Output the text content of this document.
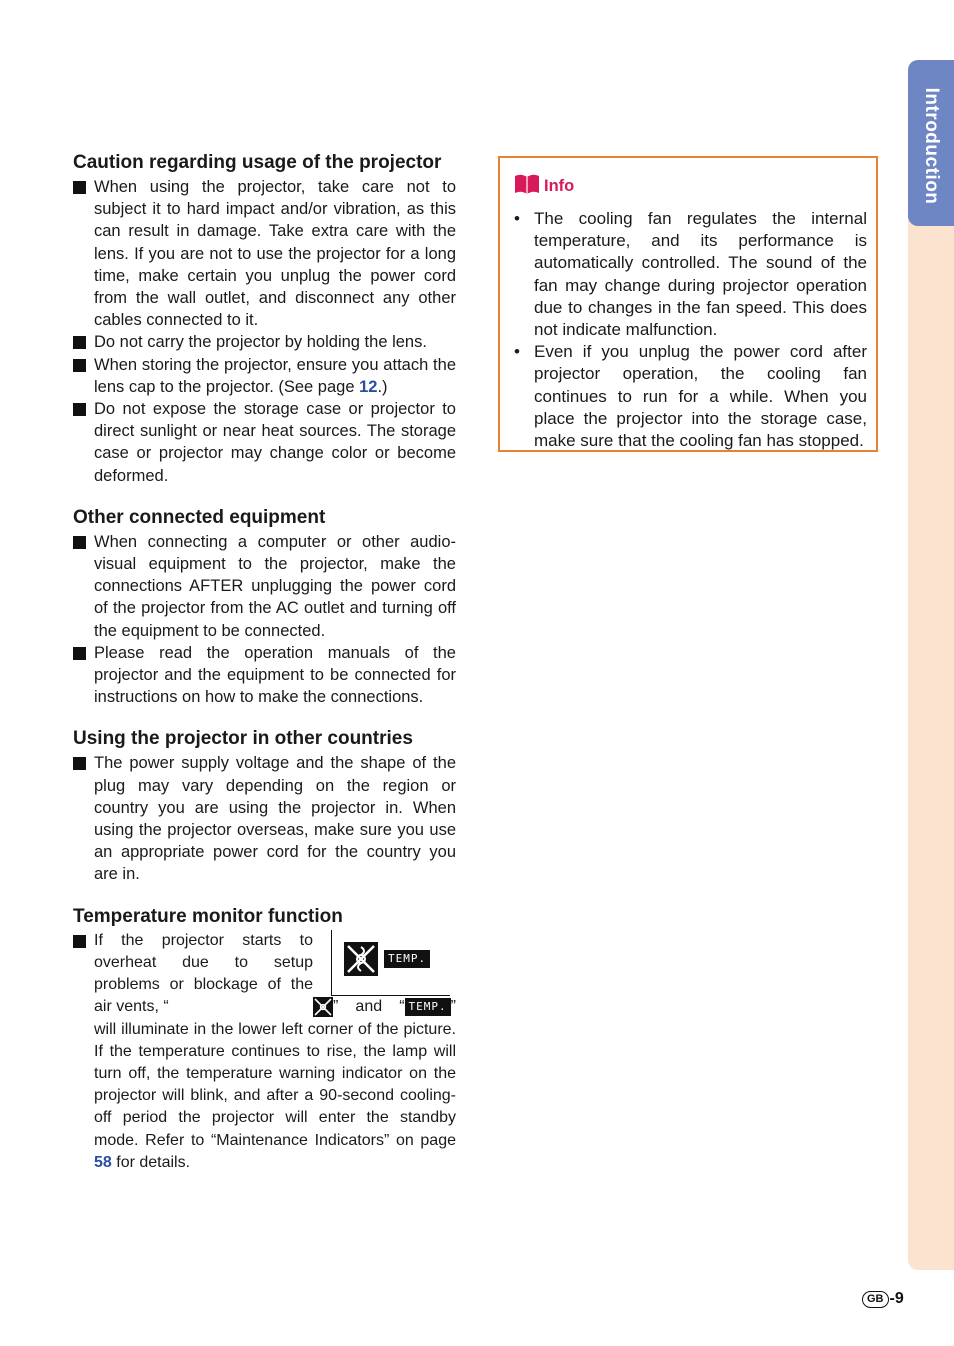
Introduction
Caution regarding usage of the projector
When using the projector, take care not to subject it to hard impact and/or vibration, as this can result in damage. Take extra care with the lens. If you are not to use the projector for a long time, make certain you unplug the power cord from the wall outlet, and disconnect any other cables connected to it.
Do not carry the projector by holding the lens.
When storing the projector, ensure you attach the lens cap to the projector. (See page 12.)
Do not expose the storage case or projector to direct sunlight or near heat sources. The storage case or projector may change color or become deformed.
Other connected equipment
When connecting a computer or other audio-visual equipment to the projector, make the connections AFTER unplugging the power cord of the projector from the AC outlet and turning off the equipment to be connected.
Please read the operation manuals of the projector and the equipment to be connected for instructions on how to make the connections.
Using the projector in other countries
The power supply voltage and the shape of the plug may vary depending on the region or country you are using the projector in. When using the projector overseas, make sure you use an appropriate power cord for the country you are in.
Temperature monitor function
TEMP.
If the projector starts to overheat due to setup problems or blockage of the air vents, “	” and “ TEMP. ” will illuminate in the lower left corner of the picture. If the temperature continues to rise, the lamp will turn off, the temperature warning indicator on the projector will blink, and after a 90-second cooling-off period the projector will enter the standby mode. Refer to “Maintenance Indicators” on page 58 for details.
Info
• The cooling fan regulates the internal temperature, and its performance is automatically controlled. The sound of the fan may change during projector operation due to changes in the fan speed. This does not indicate malfunction.
• Even if you unplug the power cord after projector operation, the cooling fan continues to run for a while. When you place the projector into the storage case, make sure that the cooling fan has stopped.
GB -9
